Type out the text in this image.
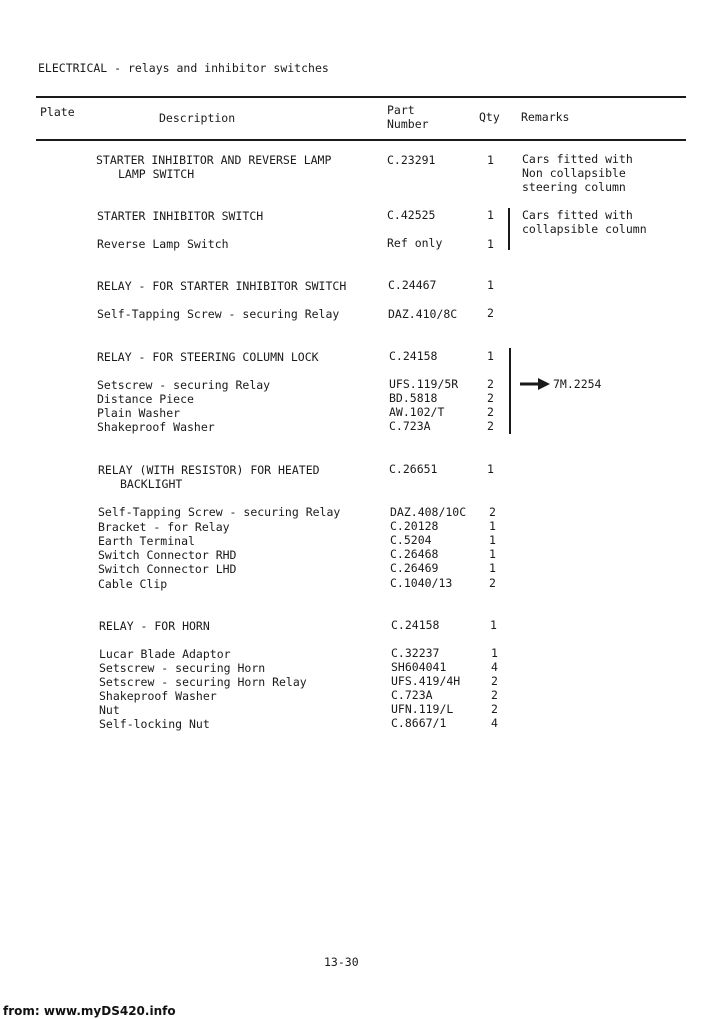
ELECTRICAL - relays and inhibitor switches
Plate	Description
Part
Number	Qty Remarks
STARTER INHIBITOR AND REVERSE LAMP	C.23291	1 Cars fitted with
LAMP SWITCH	Non collapsible
steering column
STARTER INHIBITOR SWITCH	C.42525	1 Cars fitted with
collapsible column
Reverse Lamp Switch	Ref only	1
RELAY - FOR STARTER INHIBITOR SWITCH	C.24467	1
Self-Tapping Screw - securing Relay	DAZ.410/8C	2
RELAY - FOR STEERING COLUMN LOCK	C.24158	1
Setscrew - securing Relay	UFS.119/5R	2
Distance Piece	BD.5818	2
Plain Washer	AW.102/T	2
Shakeproof Washer	C.723A	2
7M.2254
RELAY (WITH RESISTOR) FOR HEATED	C.26651	1
BACKLIGHT
Self-Tapping Screw - securing Relay	DAZ.408/10C 2
Bracket - for Relay	C.20128	1
Earth Terminal	C.5204	1
Switch Connector RHD	C.26468	1
Switch Connector LHD	C.26469	1
Cable Clip	C.1040/13	2
RELAY - FOR HORN	C.24158	1
Lucar Blade Adaptor	C.32237	1
Setscrew - securing Horn	SH604041	4
Setscrew - securing Horn Relay	UFS.419/4H	2
Shakeproof Washer	C.723A	2
Nut	UFN.119/L	2
Self-locking Nut	C.8667/1	4
13-30
from: www.myDS420.info
